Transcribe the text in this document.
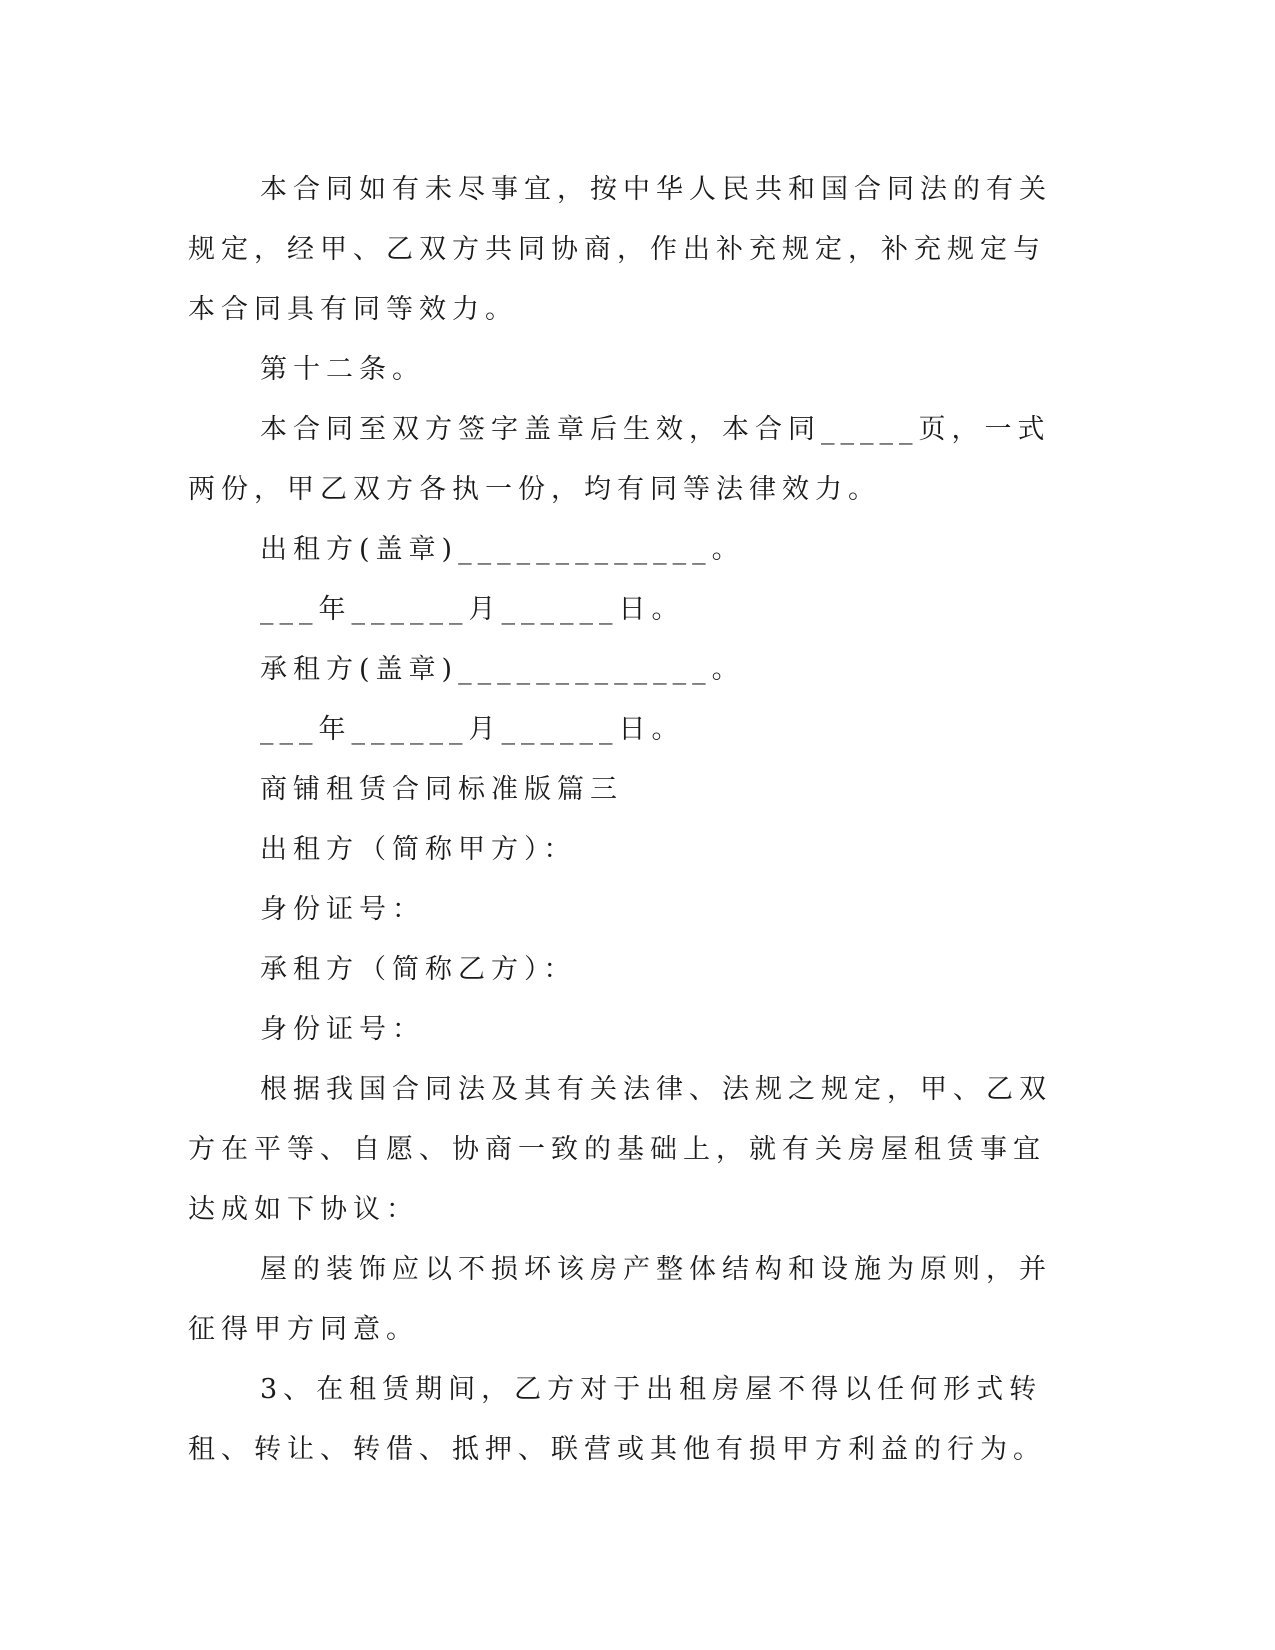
本合同如有未尽事宜，按中华人民共和国合同法的有关规定，经甲、乙双方共同协商，作出补充规定，补充规定与本合同具有同等效力。

第十二条。

本合同至双方签字盖章后生效，本合同_____页，一式两份，甲乙双方各执一份，均有同等法律效力。

出租方(盖章)_____________。

___年______月______日。

承租方(盖章)_____________。

___年______月______日。

商铺租赁合同标准版篇三

出租方（简称甲方）：

身份证号：

承租方（简称乙方）：

身份证号：

根据我国合同法及其有关法律、法规之规定，甲、乙双方在平等、自愿、协商一致的基础上，就有关房屋租赁事宜达成如下协议：

屋的装饰应以不损坏该房产整体结构和设施为原则，并征得甲方同意。

3、在租赁期间，乙方对于出租房屋不得以任何形式转租、转让、转借、抵押、联营或其他有损甲方利益的行为。
